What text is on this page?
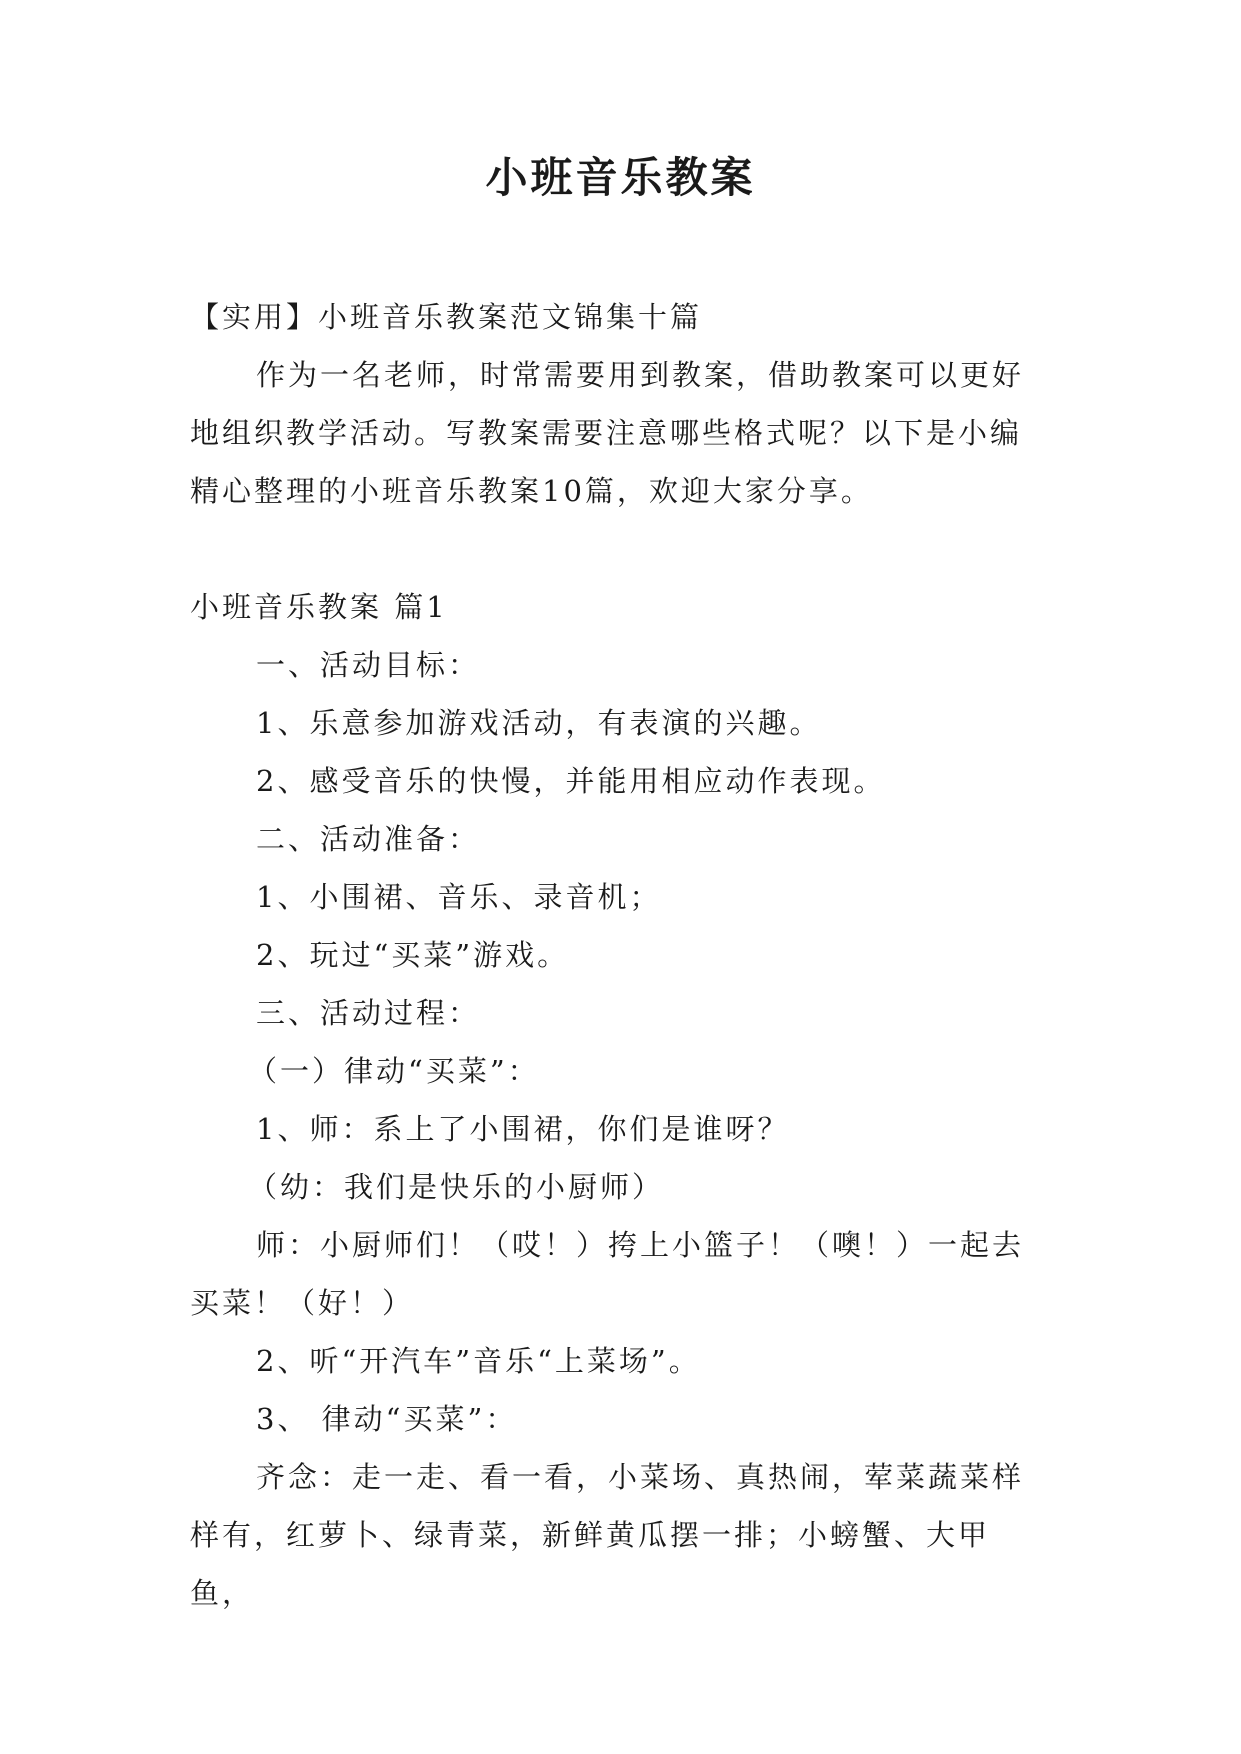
小班音乐教案

【实用】小班音乐教案范文锦集十篇

作为一名老师，时常需要用到教案，借助教案可以更好地组织教学活动。写教案需要注意哪些格式呢？以下是小编精心整理的小班音乐教案10篇，欢迎大家分享。

小班音乐教案 篇1

一、活动目标：

1、乐意参加游戏活动，有表演的兴趣。

2、感受音乐的快慢，并能用相应动作表现。

二、活动准备：

1、小围裙、音乐、录音机；

2、玩过“买菜”游戏。

三、活动过程：

（一）律动“买菜”：

1、师：系上了小围裙，你们是谁呀？

（幼：我们是快乐的小厨师）

师：小厨师们！（哎！）挎上小篮子！（噢！）一起去买菜！（好！）

2、听“开汽车”音乐“上菜场”。

3、 律动“买菜”：

齐念：走一走、看一看，小菜场、真热闹，荤菜蔬菜样样有，红萝卜、绿青菜，新鲜黄瓜摆一排；小螃蟹、大甲鱼，
